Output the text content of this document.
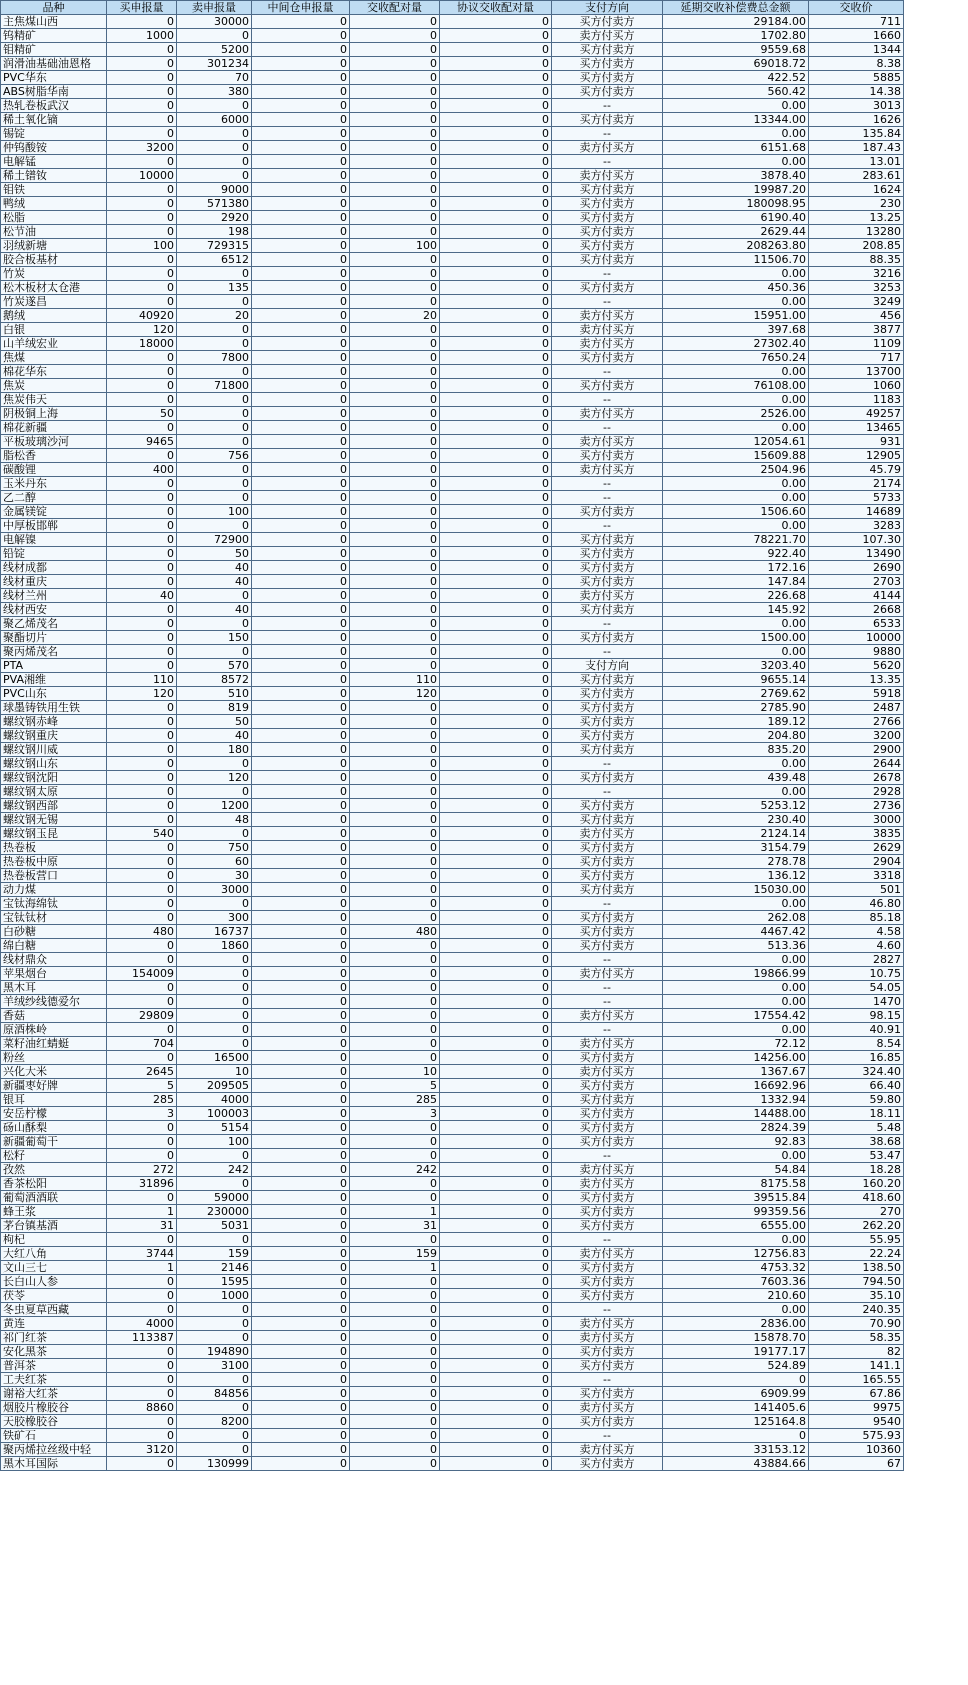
品种	买申报量	卖申报量	中间仓申报量	交收配对量	协议交收配对量	支付方向	延期交收补偿费总金额	交收价
主焦煤山西	0	30000	0	0	0	买方付卖方	29184.00	711
钨精矿	1000	0	0	0	0	卖方付买方	1702.80	1660
钼精矿	0	5200	0	0	0	买方付卖方	9559.68	1344
润滑油基础油恩格	0	301234	0	0	0	买方付卖方	69018.72	8.38
PVC华东	0	70	0	0	0	买方付卖方	422.52	5885
ABS树脂华南	0	380	0	0	0	买方付卖方	560.42	14.38
热轧卷板武汉	0	0	0	0	0	--	0.00	3013
稀土氧化镝	0	6000	0	0	0	买方付卖方	13344.00	1626
锡锭	0	0	0	0	0	--	0.00	135.84
仲钨酸铵	3200	0	0	0	0	卖方付买方	6151.68	187.43
电解锰	0	0	0	0	0	--	0.00	13.01
稀土镨钕	10000	0	0	0	0	卖方付买方	3878.40	283.61
钼铁	0	9000	0	0	0	买方付卖方	19987.20	1624
鸭绒	0	571380	0	0	0	买方付卖方	180098.95	230
松脂	0	2920	0	0	0	买方付卖方	6190.40	13.25
松节油	0	198	0	0	0	买方付卖方	2629.44	13280
羽绒新塘	100	729315	0	100	0	买方付卖方	208263.80	208.85
胶合板基材	0	6512	0	0	0	买方付卖方	11506.70	88.35
竹炭	0	0	0	0	0	--	0.00	3216
松木板材太仓港	0	135	0	0	0	买方付卖方	450.36	3253
竹炭遂昌	0	0	0	0	0	--	0.00	3249
鹅绒	40920	20	0	20	0	卖方付买方	15951.00	456
白银	120	0	0	0	0	卖方付买方	397.68	3877
山羊绒宏业	18000	0	0	0	0	卖方付买方	27302.40	1109
焦煤	0	7800	0	0	0	买方付卖方	7650.24	717
棉花华东	0	0	0	0	0	--	0.00	13700
焦炭	0	71800	0	0	0	买方付卖方	76108.00	1060
焦炭伟天	0	0	0	0	0	--	0.00	1183
阴极铜上海	50	0	0	0	0	卖方付买方	2526.00	49257
棉花新疆	0	0	0	0	0	--	0.00	13465
平板玻璃沙河	9465	0	0	0	0	卖方付买方	12054.61	931
脂松香	0	756	0	0	0	买方付卖方	15609.88	12905
碳酸锂	400	0	0	0	0	卖方付买方	2504.96	45.79
玉米丹东	0	0	0	0	0	--	0.00	2174
乙二醇	0	0	0	0	0	--	0.00	5733
金属镁锭	0	100	0	0	0	买方付卖方	1506.60	14689
中厚板邯郸	0	0	0	0	0	--	0.00	3283
电解镍	0	72900	0	0	0	买方付卖方	78221.70	107.30
铅锭	0	50	0	0	0	买方付卖方	922.40	13490
线材成都	0	40	0	0	0	买方付卖方	172.16	2690
线材重庆	0	40	0	0	0	买方付卖方	147.84	2703
线材兰州	40	0	0	0	0	卖方付买方	226.68	4144
线材西安	0	40	0	0	0	买方付卖方	145.92	2668
聚乙烯茂名	0	0	0	0	0	--	0.00	6533
聚酯切片	0	150	0	0	0	买方付卖方	1500.00	10000
聚丙烯茂名	0	0	0	0	0	--	0.00	9880
PTA	0	570	0	0	0	支付方向	3203.40	5620
PVA湘维	110	8572	0	110	0	买方付卖方	9655.14	13.35
PVC山东	120	510	0	120	0	买方付卖方	2769.62	5918
球墨铸铁用生铁	0	819	0	0	0	买方付卖方	2785.90	2487
螺纹钢赤峰	0	50	0	0	0	买方付卖方	189.12	2766
螺纹钢重庆	0	40	0	0	0	买方付卖方	204.80	3200
螺纹钢川威	0	180	0	0	0	买方付卖方	835.20	2900
螺纹钢山东	0	0	0	0	0	--	0.00	2644
螺纹钢沈阳	0	120	0	0	0	买方付卖方	439.48	2678
螺纹钢太原	0	0	0	0	0	--	0.00	2928
螺纹钢西部	0	1200	0	0	0	买方付卖方	5253.12	2736
螺纹钢无锡	0	48	0	0	0	买方付卖方	230.40	3000
螺纹钢玉昆	540	0	0	0	0	卖方付买方	2124.14	3835
热卷板	0	750	0	0	0	买方付卖方	3154.79	2629
热卷板中原	0	60	0	0	0	买方付卖方	278.78	2904
热卷板营口	0	30	0	0	0	买方付卖方	136.12	3318
动力煤	0	3000	0	0	0	买方付卖方	15030.00	501
宝钛海绵钛	0	0	0	0	0	--	0.00	46.80
宝钛钛材	0	300	0	0	0	买方付卖方	262.08	85.18
白砂糖	480	16737	0	480	0	买方付卖方	4467.42	4.58
绵白糖	0	1860	0	0	0	买方付卖方	513.36	4.60
线材鼎众	0	0	0	0	0	--	0.00	2827
苹果烟台	154009	0	0	0	0	卖方付买方	19866.99	10.75
黑木耳	0	0	0	0	0	--	0.00	54.05
羊绒纱线德爱尔	0	0	0	0	0	--	0.00	1470
香菇	29809	0	0	0	0	卖方付买方	17554.42	98.15
原酒株岭	0	0	0	0	0	--	0.00	40.91
菜籽油红蜻蜓	704	0	0	0	0	卖方付买方	72.12	8.54
粉丝	0	16500	0	0	0	买方付卖方	14256.00	16.85
兴化大米	2645	10	0	10	0	卖方付买方	1367.67	324.40
新疆枣好牌	5	209505	0	5	0	买方付卖方	16692.96	66.40
银耳	285	4000	0	285	0	买方付卖方	1332.94	59.80
安岳柠檬	3	100003	0	3	0	买方付卖方	14488.00	18.11
砀山酥梨	0	5154	0	0	0	买方付卖方	2824.39	5.48
新疆葡萄干	0	100	0	0	0	买方付卖方	92.83	38.68
松籽	0	0	0	0	0	--	0.00	53.47
孜然	272	242	0	242	0	卖方付买方	54.84	18.28
香茶松阳	31896	0	0	0	0	卖方付买方	8175.58	160.20
葡萄酒酒联	0	59000	0	0	0	买方付卖方	39515.84	418.60
蜂王浆	1	230000	0	1	0	买方付卖方	99359.56	270
茅台镇基酒	31	5031	0	31	0	买方付卖方	6555.00	262.20
枸杞	0	0	0	0	0	--	0.00	55.95
大红八角	3744	159	0	159	0	卖方付买方	12756.83	22.24
文山三七	1	2146	0	1	0	买方付卖方	4753.32	138.50
长白山人参	0	1595	0	0	0	买方付卖方	7603.36	794.50
茯苓	0	1000	0	0	0	买方付卖方	210.60	35.10
冬虫夏草西藏	0	0	0	0	0	--	0.00	240.35
黄连	4000	0	0	0	0	卖方付买方	2836.00	70.90
祁门红茶	113387	0	0	0	0	卖方付买方	15878.70	58.35
安化黑茶	0	194890	0	0	0	买方付卖方	19177.17	82
普洱茶	0	3100	0	0	0	买方付卖方	524.89	141.1
工夫红茶	0	0	0	0	0	--	0	165.55
谢裕大红茶	0	84856	0	0	0	买方付卖方	6909.99	67.86
烟胶片橡胶谷	8860	0	0	0	0	卖方付买方	141405.6	9975
天胶橡胶谷	0	8200	0	0	0	买方付卖方	125164.8	9540
铁矿石	0	0	0	0	0	--	0	575.93
聚丙烯拉丝级中轻	3120	0	0	0	0	卖方付买方	33153.12	10360
黑木耳国际	0	130999	0	0	0	买方付卖方	43884.66	67
